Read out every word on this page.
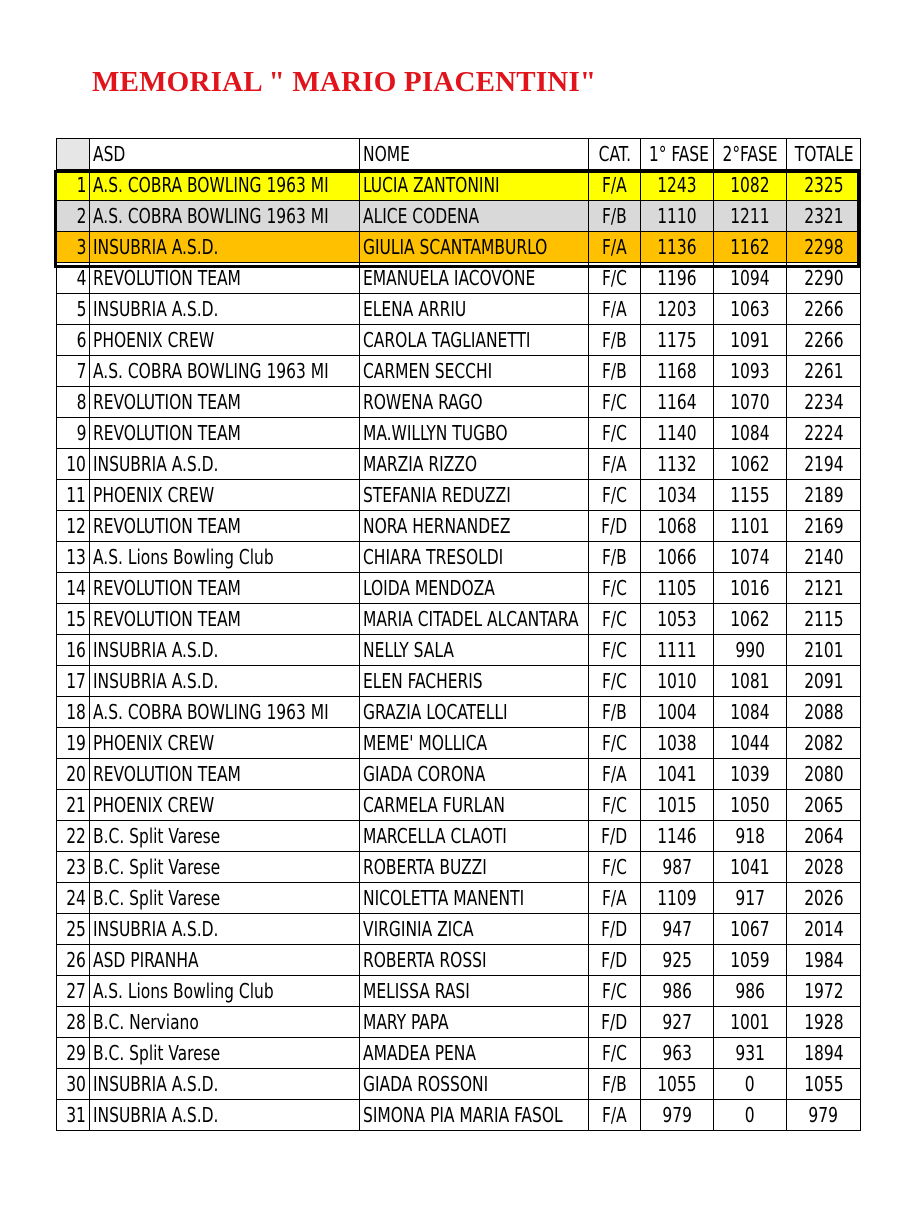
MEMORIAL " MARIO PIACENTINI"
	ASD	NOME	CAT.	1° FASE	2°FASE	TOTALE
1	A.S. COBRA BOWLING 1963 MI	LUCIA ZANTONINI	F/A	1243	1082	2325
2	A.S. COBRA BOWLING 1963 MI	ALICE CODENA	F/B	1110	1211	2321
3	INSUBRIA A.S.D.	GIULIA SCANTAMBURLO	F/A	1136	1162	2298
4	REVOLUTION TEAM	EMANUELA IACOVONE	F/C	1196	1094	2290
5	INSUBRIA A.S.D.	ELENA ARRIU	F/A	1203	1063	2266
6	PHOENIX CREW	CAROLA TAGLIANETTI	F/B	1175	1091	2266
7	A.S. COBRA BOWLING 1963 MI	CARMEN SECCHI	F/B	1168	1093	2261
8	REVOLUTION TEAM	ROWENA RAGO	F/C	1164	1070	2234
9	REVOLUTION TEAM	MA.WILLYN TUGBO	F/C	1140	1084	2224
10	INSUBRIA A.S.D.	MARZIA RIZZO	F/A	1132	1062	2194
11	PHOENIX CREW	STEFANIA REDUZZI	F/C	1034	1155	2189
12	REVOLUTION TEAM	NORA HERNANDEZ	F/D	1068	1101	2169
13	A.S. Lions Bowling Club	CHIARA TRESOLDI	F/B	1066	1074	2140
14	REVOLUTION TEAM	LOIDA MENDOZA	F/C	1105	1016	2121
15	REVOLUTION TEAM	MARIA CITADEL ALCANTARA	F/C	1053	1062	2115
16	INSUBRIA A.S.D.	NELLY SALA	F/C	1111	990	2101
17	INSUBRIA A.S.D.	ELEN FACHERIS	F/C	1010	1081	2091
18	A.S. COBRA BOWLING 1963 MI	GRAZIA LOCATELLI	F/B	1004	1084	2088
19	PHOENIX CREW	MEME' MOLLICA	F/C	1038	1044	2082
20	REVOLUTION TEAM	GIADA CORONA	F/A	1041	1039	2080
21	PHOENIX CREW	CARMELA FURLAN	F/C	1015	1050	2065
22	B.C. Split Varese	MARCELLA CLAOTI	F/D	1146	918	2064
23	B.C. Split Varese	ROBERTA BUZZI	F/C	987	1041	2028
24	B.C. Split Varese	NICOLETTA MANENTI	F/A	1109	917	2026
25	INSUBRIA A.S.D.	VIRGINIA ZICA	F/D	947	1067	2014
26	ASD PIRANHA	ROBERTA ROSSI	F/D	925	1059	1984
27	A.S. Lions Bowling Club	MELISSA RASI	F/C	986	986	1972
28	B.C. Nerviano	MARY PAPA	F/D	927	1001	1928
29	B.C. Split Varese	AMADEA PENA	F/C	963	931	1894
30	INSUBRIA A.S.D.	GIADA ROSSONI	F/B	1055	0	1055
31	INSUBRIA A.S.D.	SIMONA PIA MARIA FASOL	F/A	979	0	979
